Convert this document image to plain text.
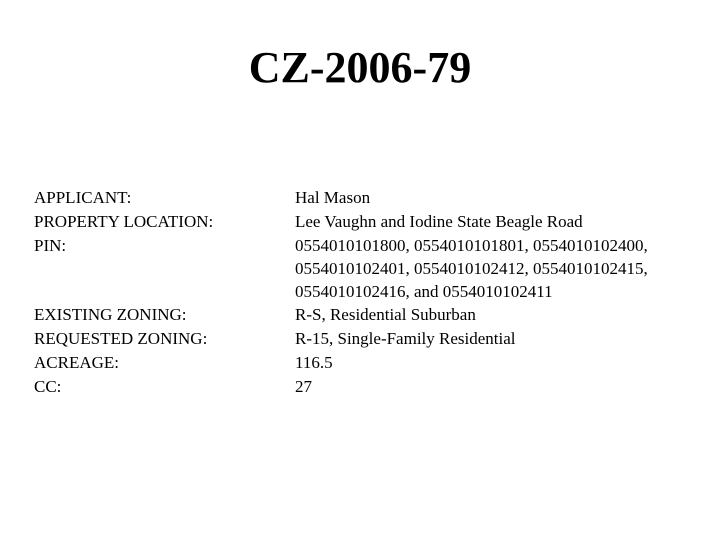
CZ-2006-79
APPLICANT:	Hal Mason
PROPERTY LOCATION:	Lee Vaughn and Iodine State Beagle Road
PIN:	0554010101800, 0554010101801, 0554010102400,
0554010102401, 0554010102412, 0554010102415,
0554010102416, and 0554010102411
EXISTING ZONING:	R-S, Residential Suburban
REQUESTED ZONING:	R-15, Single-Family Residential
ACREAGE:	116.5
CC:	27
